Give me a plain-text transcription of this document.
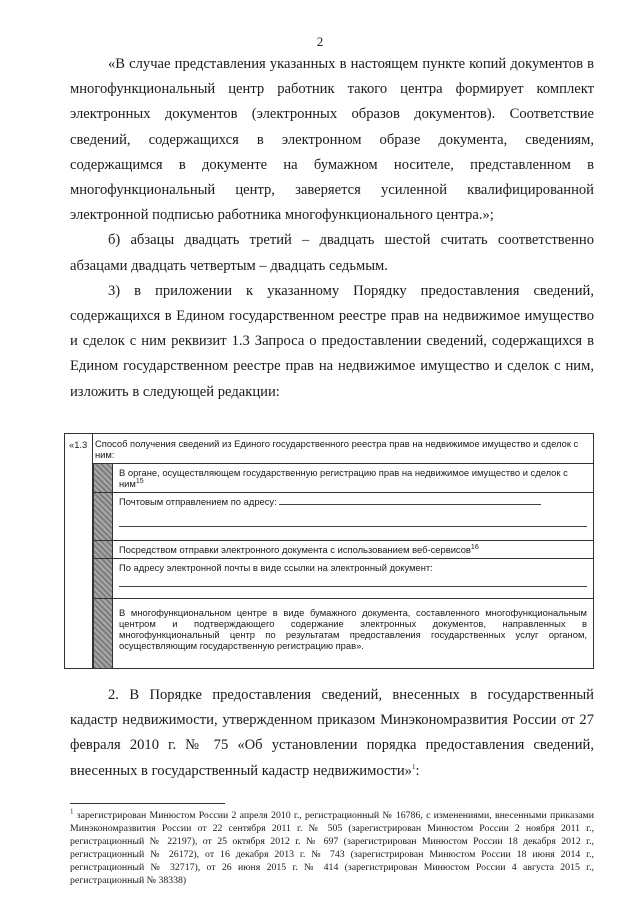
2

«В случае представления указанных в настоящем пункте копий документов в многофункциональный центр работник такого центра формирует комплект электронных документов (электронных образов документов). Соответствие сведений, содержащихся в электронном образе документа, сведениям, содержащимся в документе на бумажном носителе, представленном в многофункциональный центр, заверяется усиленной квалифицированной электронной подписью работника многофункционального центра.»;

б) абзацы двадцать третий – двадцать шестой считать соответственно абзацами двадцать четвертым – двадцать седьмым.

3) в приложении к указанному Порядку предоставления сведений, содержащихся в Едином государственном реестре прав на недвижимое имущество и сделок с ним реквизит 1.3 Запроса о предоставлении сведений, содержащихся в Едином государственном реестре прав на недвижимое имущество и сделок с ним, изложить в следующей редакции:

«1.3 Способ получения сведений из Единого государственного реестра прав на недвижимое имущество и сделок с ним:
В органе, осуществляющем государственную регистрацию прав на недвижимое имущество и сделок с ним$^{15}$
Почтовым отправлением по адресу:
Посредством отправки электронного документа с использованием веб-сервисов$^{16}$
По адресу электронной почты в виде ссылки на электронный документ:
В многофункциональном центре в виде бумажного документа, составленного многофункциональным центром и подтверждающего содержание электронных документов, направленных в многофункциональный центр по результатам предоставления государственных услуг органом, осуществляющим государственную регистрацию прав».

2. В Порядке предоставления сведений, внесенных в государственный кадастр недвижимости, утвержденном приказом Минэкономразвития России от 27 февраля 2010 г. № 75 «Об установлении порядка предоставления сведений, внесенных в государственный кадастр недвижимости»$^1$:

$^1$ зарегистрирован Минюстом России 2 апреля 2010 г., регистрационный № 16786, с изменениями, внесенными приказами Минэкономразвития России от 22 сентября 2011 г. № 505 (зарегистрирован Минюстом России 2 ноября 2011 г., регистрационный № 22197), от 25 октября 2012 г. № 697 (зарегистрирован Минюстом России 18 декабря 2012 г., регистрационный № 26172), от 16 декабря 2013 г. № 743 (зарегистрирован Минюстом России 18 июня 2014 г., регистрационный № 32717), от 26 июня 2015 г. № 414 (зарегистрирован Минюстом России 4 августа 2015 г., регистрационный № 38338)
